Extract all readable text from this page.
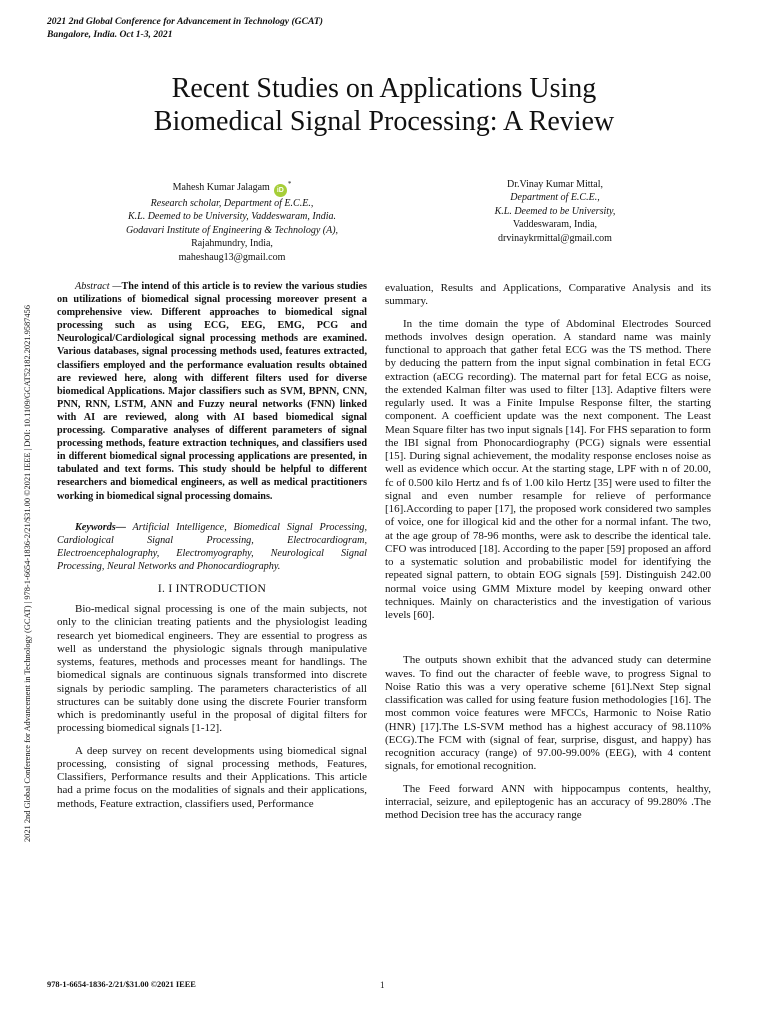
2021 2nd Global Conference for Advancement in Technology (GCAT)
Bangalore, India. Oct 1-3, 2021
2021 2nd Global Conference for Advancement in Technology (GCAT) | 978-1-6654-1836-2/21/$31.00 ©2021 IEEE | DOI: 10.1109/GCAT52182.2021.9587456
Recent Studies on Applications Using
Biomedical Signal Processing: A Review
Mahesh Kumar Jalagam iD*
Research scholar, Department of E.C.E.,
K.L. Deemed to be University, Vaddeswaram, India.
Godavari Institute of Engineering & Technology (A),
Rajahmundry, India,
maheshaug13@gmail.com
Dr.Vinay Kumar Mittal,
Department of E.C.E.,
K.L. Deemed to be University,
Vaddeswaram, India,
drvinaykrmittal@gmail.com

Abstract —The intend of this article is to review the various studies on utilizations of biomedical signal processing moreover present a comprehensive view. Different approaches to biomedical signal processing such as using ECG, EEG, EMG, PCG and Neurological/Cardiological signal processing methods are examined. Various databases, signal processing methods used, features extracted, classifiers employed and the performance evaluation results obtained are reviewed here, along with different filters used for diverse biomedical Applications. Major classifiers such as SVM, BPNN, CNN, PNN, RNN, LSTM, ANN and Fuzzy neural networks (FNN) linked with AI are reviewed, along with AI based biomedical signal processing. Comparative analyses of different parameters of signal processing methods, feature extraction techniques, and classifiers used in different biomedical signal processing applications are presented, in tabulated and text forms. This study should be helpful to different researchers and biomedical engineers, as well as medical practitioners working in biomedical signal processing domains.

Keywords— Artificial Intelligence, Biomedical Signal Processing, Cardiological Signal Processing, Electrocardiogram, Electroencephalography, Electromyography, Neurological Signal Processing, Neural Networks and Phonocardiography.

I. I INTRODUCTION

Bio-medical signal processing is one of the main subjects, not only to the clinician treating patients and the physiologist leading research yet biomedical engineers. They are essential to progress as well as understand the physiologic signals through manipulative systems, features, methods and processes meant for handlings. The biomedical signals are continuous signals transformed into discrete signals by periodic sampling. The parameters characteristics of all structures can be suitably done using the discrete Fourier transform which is predominantly useful in the proposal of digital filters for processing biomedical signals [1-12].

A deep survey on recent developments using biomedical signal processing, consisting of signal processing methods, Features, Classifiers, Performance results and their Applications. This article had a prime focus on the modalities of signals and their applications, methods, Feature extraction, classifiers used, Performance

evaluation, Results and Applications, Comparative Analysis and its summary.

In the time domain the type of Abdominal Electrodes Sourced methods involves design operation. A standard name was mainly functional to approach that gather fetal ECG was the TS method. There by deducing the pattern from the input signal combination in fetal ECG extraction (aECG recording). The maternal part for fetal ECG as noise, the extended Kalman filter was used to filter [13]. Adaptive filters were regularly used. It was a Finite Impulse Response filter, the starting component. A coefficient update was the next component. The Least Mean Square filter has two input signals [14]. For FHS separation to form the IBI signal from Phonocardiography (PCG) signals were essential [15]. During signal achievement, the modality response encloses noise as well as evidence which occur. At the starting stage, LPF with n of 20.00, fc of 0.500 kilo Hertz and fs of 1.00 kilo Hertz [35] were used to filter the signal and even number resample for relieve of performance [16].According to paper [17], the proposed work considered two samples of voice, one for illogical kid and the other for a normal infant. The two, at the age group of 78-96 months, were ask to describe the identical tale. CFO was introduced [18]. According to the paper [59] proposed an afford to a systematic solution and probabilistic model for identifying the repeated signal pattern, to obtain EOG signals [59]. Distinguish 242.00 normal voice using GMM Mixture model by keeping onward other techniques. Mainly on characteristics and the investigation of various levels [60].

The outputs shown exhibit that the advanced study can determine waves. To find out the character of feeble wave, to progress Signal to Noise Ratio this was a very operative scheme [61].Next Step signal classification was called for using feature fusion methodologies [16]. The most common voice features were MFCCs, Harmonic to Noise Ratio (HNR) [17].The LS-SVM method has a highest accuracy of 98.110% (ECG).The FCM with (signal of fear, surprise, disgust, and happy) has recognition accuracy (range) of 97.00-99.00% (EEG), with 4 content signals, for emotional recognition.

The Feed forward ANN with hippocampus contents, healthy, interracial, seizure, and epileptogenic has an accuracy of 99.280% .The method Decision tree has the accuracy range

978-1-6654-1836-2/21/$31.00 ©2021 IEEE	1
